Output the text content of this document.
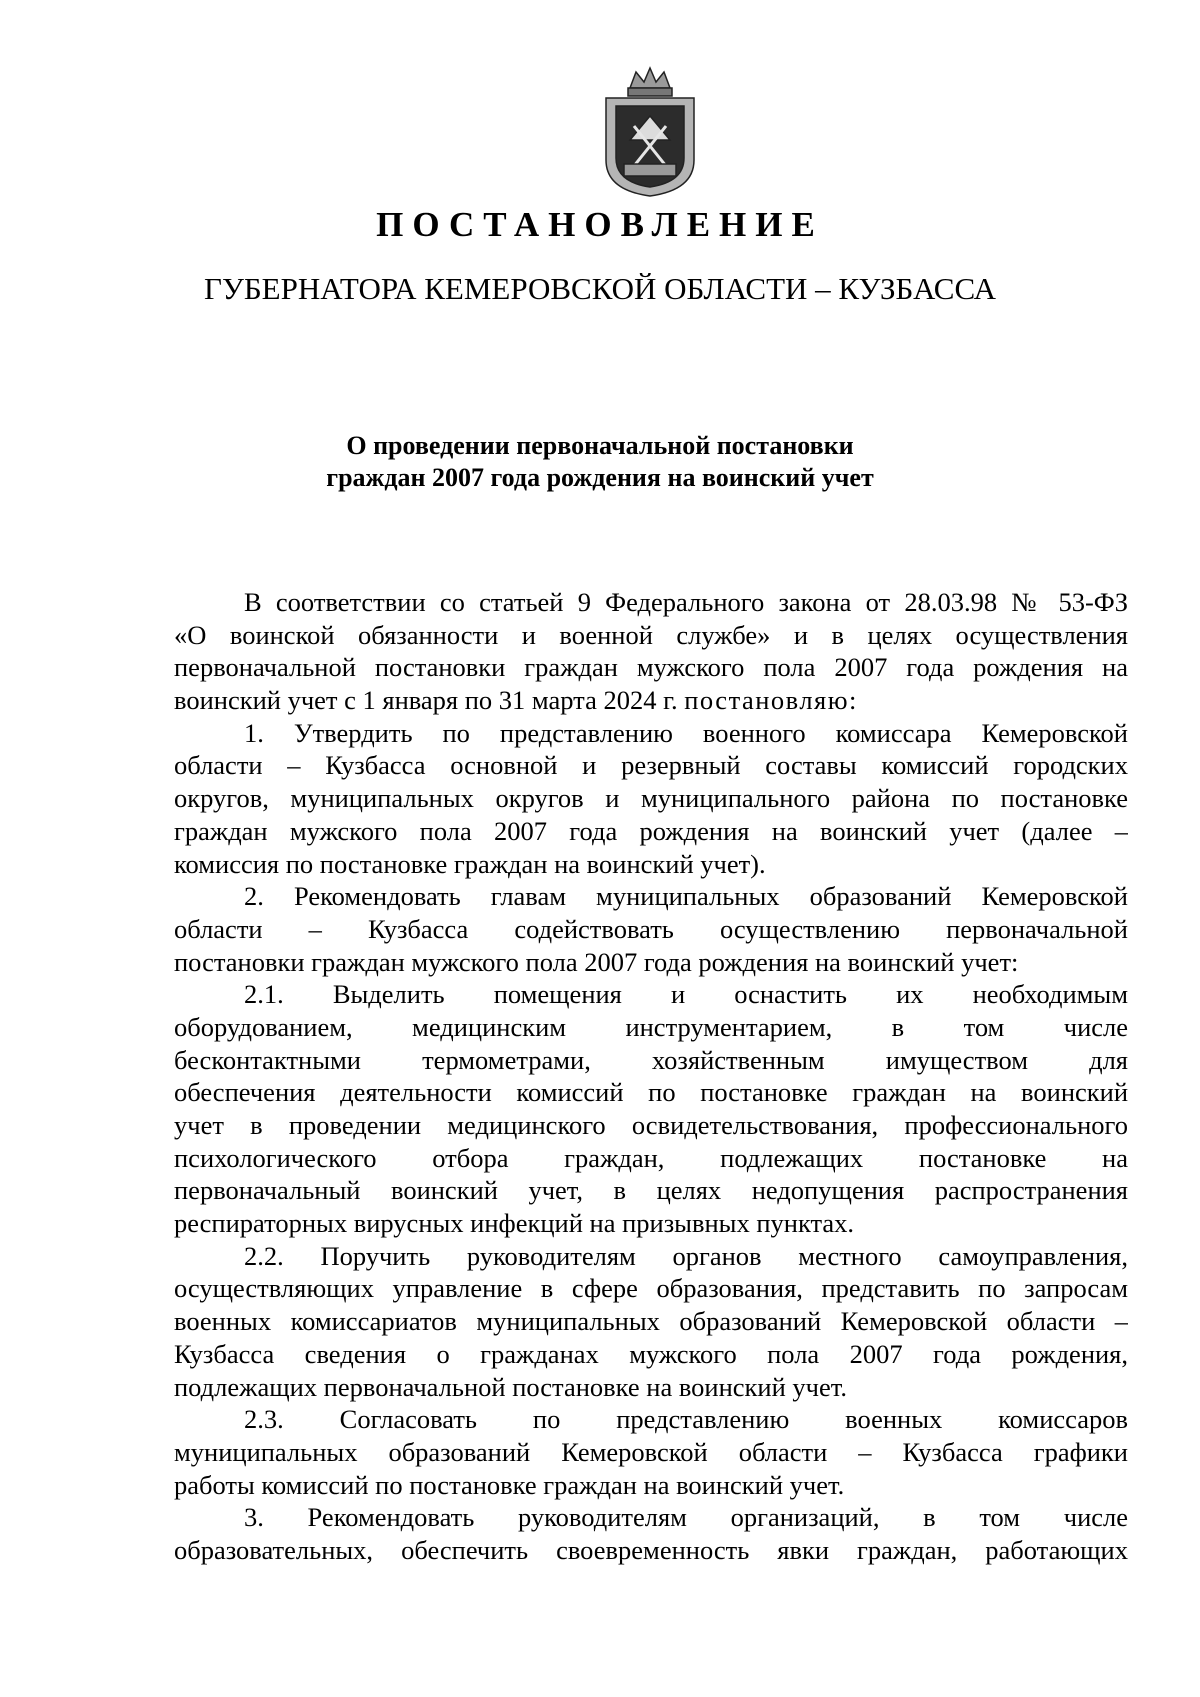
ПОСТАНОВЛЕНИЕ
ГУБЕРНАТОРА КЕМЕРОВСКОЙ ОБЛАСТИ – КУЗБАССА
О проведении первоначальной постановки
граждан 2007 года рождения на воинский учет
В соответствии со статьей 9 Федерального закона от 28.03.98 № 53-ФЗ
«О воинской обязанности и военной службе» и в целях осуществления
первоначальной постановки граждан мужского пола 2007 года рождения на
воинский учет с 1 января по 31 марта 2024 г. постановляю:
1. Утвердить по представлению военного комиссара Кемеровской
области – Кузбасса основной и резервный составы комиссий городских
округов, муниципальных округов и муниципального района по постановке
граждан мужского пола 2007 года рождения на воинский учет (далее –
комиссия по постановке граждан на воинский учет).
2. Рекомендовать главам муниципальных образований Кемеровской
области – Кузбасса содействовать осуществлению первоначальной
постановки граждан мужского пола 2007 года рождения на воинский учет:
2.1. Выделить помещения и оснастить их необходимым
оборудованием, медицинским инструментарием, в том числе
бесконтактными термометрами, хозяйственным имуществом для
обеспечения деятельности комиссий по постановке граждан на воинский
учет в проведении медицинского освидетельствования, профессионального
психологического отбора граждан, подлежащих постановке на
первоначальный воинский учет, в целях недопущения распространения
респираторных вирусных инфекций на призывных пунктах.
2.2. Поручить руководителям органов местного самоуправления,
осуществляющих управление в сфере образования, представить по запросам
военных комиссариатов муниципальных образований Кемеровской области –
Кузбасса сведения о гражданах мужского пола 2007 года рождения,
подлежащих первоначальной постановке на воинский учет.
2.3. Согласовать по представлению военных комиссаров
муниципальных образований Кемеровской области – Кузбасса графики
работы комиссий по постановке граждан на воинский учет.
3. Рекомендовать руководителям организаций, в том числе
образовательных, обеспечить своевременность явки граждан, работающих
